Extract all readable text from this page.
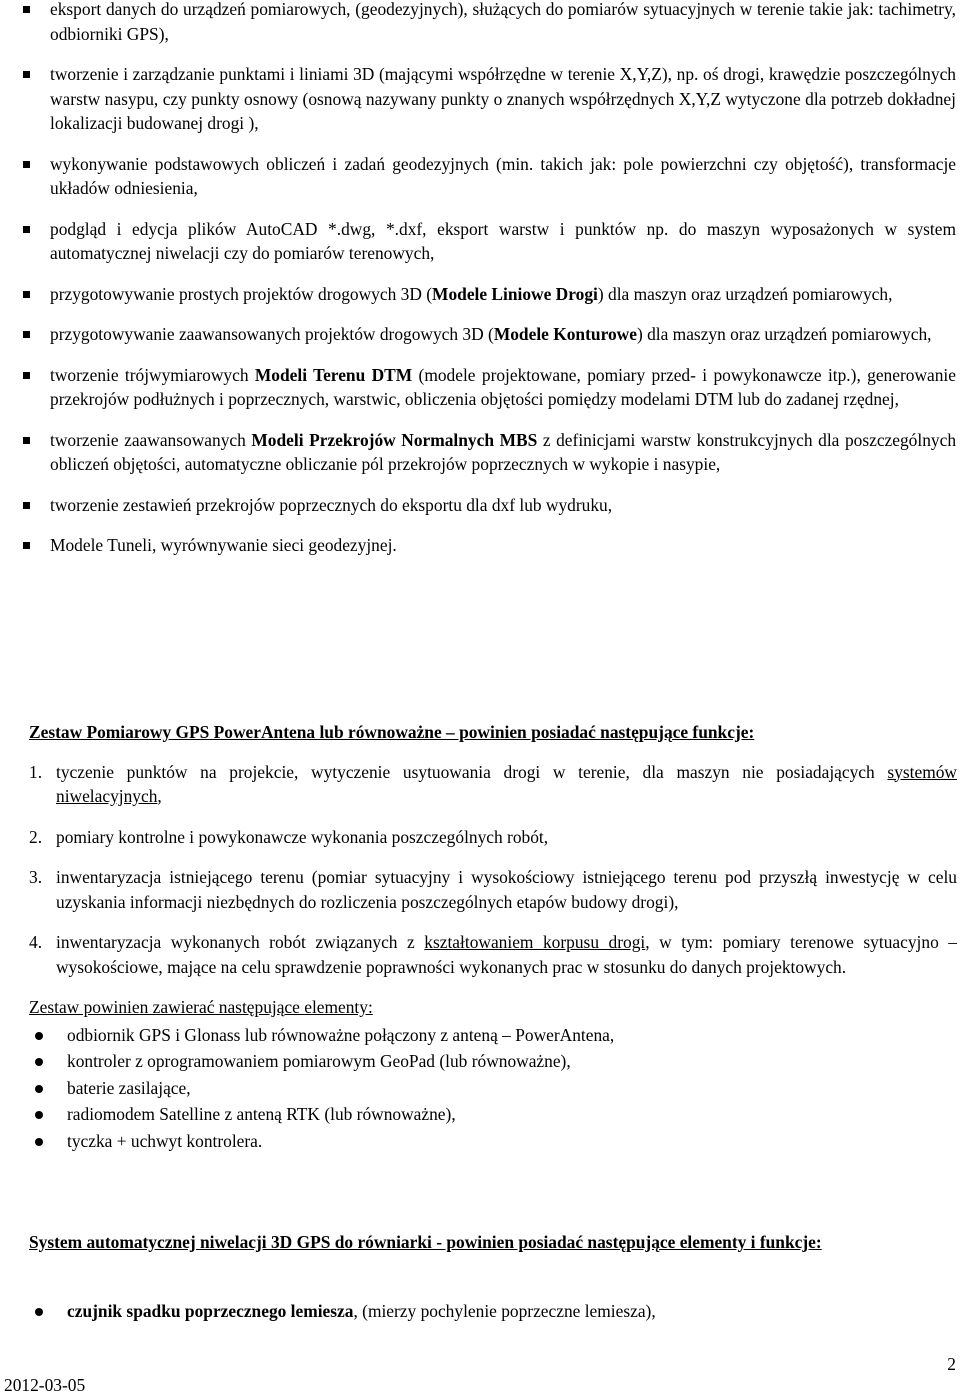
eksport danych do urządzeń pomiarowych, (geodezyjnych), służących do pomiarów sytuacyjnych w terenie takie jak: tachimetry, odbiorniki GPS),
tworzenie i zarządzanie punktami i liniami 3D (mającymi współrzędne w terenie X,Y,Z), np. oś drogi, krawędzie poszczególnych warstw nasypu, czy punkty osnowy (osnową nazywany punkty o znanych współrzędnych X,Y,Z wytyczone dla potrzeb dokładnej lokalizacji budowanej drogi ),
wykonywanie podstawowych obliczeń i zadań geodezyjnych (min. takich jak: pole powierzchni czy objętość), transformacje układów odniesienia,
podgląd i edycja plików AutoCAD *.dwg, *.dxf, eksport warstw i punktów np. do maszyn wyposażonych w system automatycznej niwelacji czy do pomiarów terenowych,
przygotowywanie prostych projektów drogowych 3D (Modele Liniowe Drogi) dla maszyn oraz urządzeń pomiarowych,
przygotowywanie zaawansowanych projektów drogowych 3D (Modele Konturowe) dla maszyn oraz urządzeń pomiarowych,
tworzenie trójwymiarowych Modeli Terenu DTM (modele projektowane, pomiary przed- i powykonawcze itp.), generowanie przekrojów podłużnych i poprzecznych, warstwic, obliczenia objętości pomiędzy modelami DTM lub do zadanej rzędnej,
tworzenie zaawansowanych Modeli Przekrojów Normalnych MBS z definicjami warstw konstrukcyjnych dla poszczególnych obliczeń objętości, automatyczne obliczanie pól przekrojów poprzecznych w wykopie i nasypie,
tworzenie zestawień przekrojów poprzecznych do eksportu dla dxf lub wydruku,
Modele Tuneli, wyrównywanie sieci geodezyjnej.

Zestaw Pomiarowy GPS PowerAntena lub równoważne – powinien posiadać następujące funkcje:

1. tyczenie punktów na projekcie, wytyczenie usytuowania drogi w terenie, dla maszyn nie posiadających systemów niwelacyjnych,
2. pomiary kontrolne i powykonawcze wykonania poszczególnych robót,
3. inwentaryzacja istniejącego terenu (pomiar sytuacyjny i wysokościowy istniejącego terenu pod przyszłą inwestycję w celu uzyskania informacji niezbędnych do rozliczenia poszczególnych etapów budowy drogi),
4. inwentaryzacja wykonanych robót związanych z kształtowaniem korpusu drogi, w tym: pomiary terenowe sytuacyjno – wysokościowe, mające na celu sprawdzenie poprawności wykonanych prac w stosunku do danych projektowych.

Zestaw powinien zawierać następujące elementy:

odbiornik GPS i Glonass lub równoważne połączony z anteną – PowerAntena,
kontroler z oprogramowaniem pomiarowym GeoPad (lub równoważne),
baterie zasilające,
radiomodem Satelline z anteną RTK (lub równoważne),
tyczka + uchwyt kontrolera.

System automatycznej niwelacji 3D GPS do równiarki - powinien posiadać następujące elementy i funkcje:

czujnik spadku poprzecznego lemiesza, (mierzy pochylenie poprzeczne lemiesza),
2
2012-03-05
